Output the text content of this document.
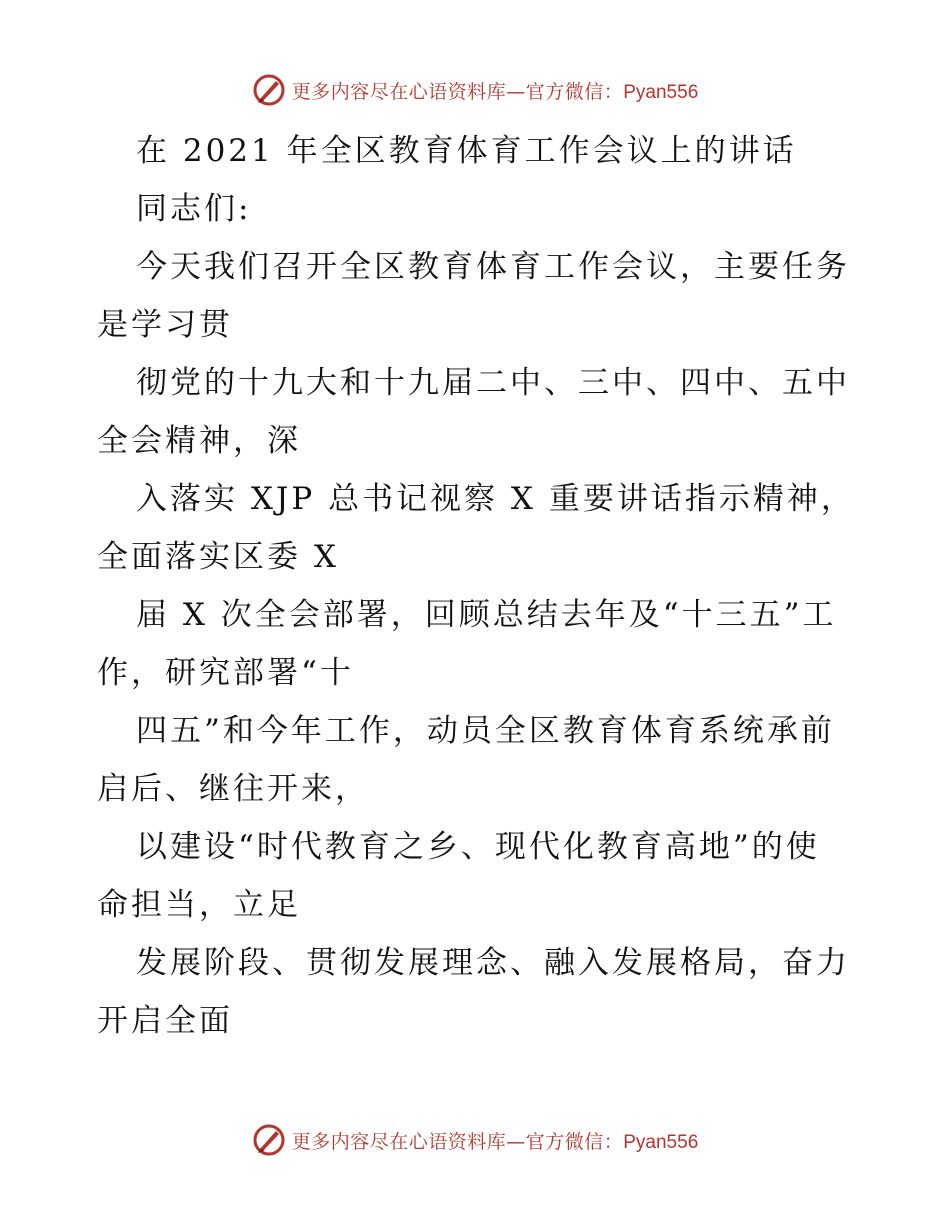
更多内容尽在心语资料库—官方微信：Pyan556
在 2021 年全区教育体育工作会议上的讲话
同志们:
今天我们召开全区教育体育工作会议，主要任务
是学习贯
彻党的十九大和十九届二中、三中、四中、五中
全会精神，深
入落实 XJP 总书记视察 X 重要讲话指示精神，
全面落实区委 X
届 X 次全会部署，回顾总结去年及“十三五”工
作，研究部署“十
四五”和今年工作，动员全区教育体育系统承前
启后、继往开来，
以建设“时代教育之乡、现代化教育高地”的使
命担当，立足
发展阶段、贯彻发展理念、融入发展格局，奋力
开启全面
更多内容尽在心语资料库—官方微信：Pyan556
